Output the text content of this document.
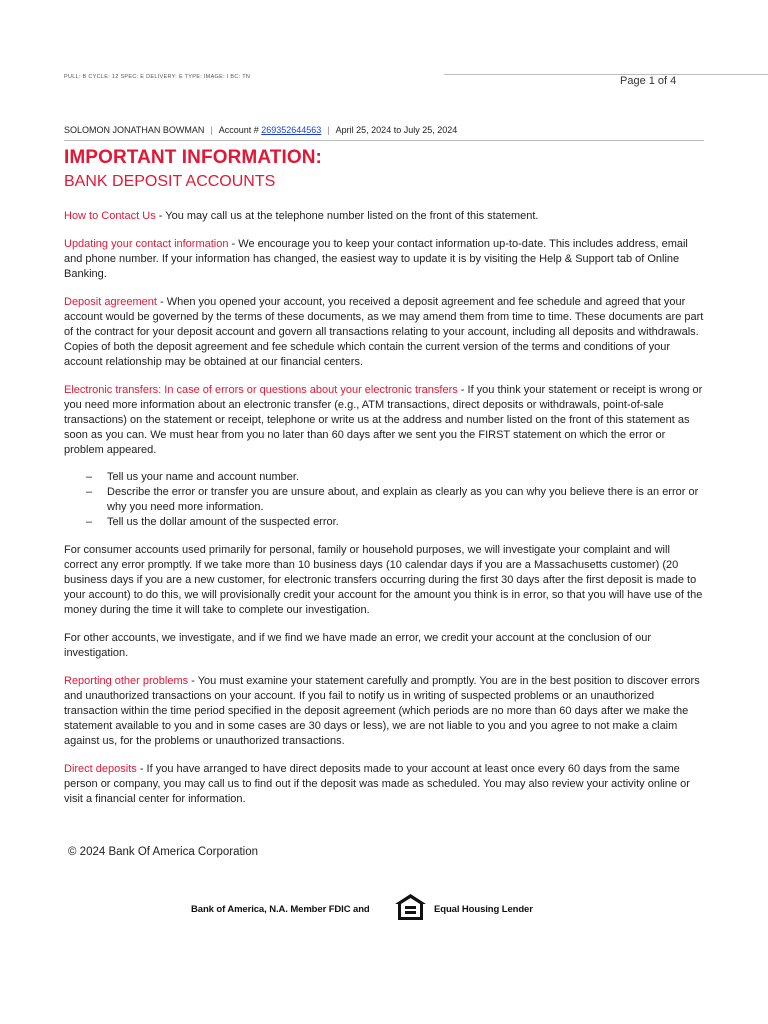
PULL: B CYCLE: 12 SPEC: E DELIVERY: E TYPE: IMAGE: I BC: TN	Page 1 of 4
SOLOMON JONATHAN BOWMAN | Account # 269352644563 | April 25, 2024 to July 25, 2024
IMPORTANT INFORMATION:
BANK DEPOSIT ACCOUNTS

How to Contact Us - You may call us at the telephone number listed on the front of this statement.

Updating your contact information - We encourage you to keep your contact information up-to-date. This includes address, email and phone number. If your information has changed, the easiest way to update it is by visiting the Help & Support tab of Online Banking.

Deposit agreement - When you opened your account, you received a deposit agreement and fee schedule and agreed that your account would be governed by the terms of these documents, as we may amend them from time to time. These documents are part of the contract for your deposit account and govern all transactions relating to your account, including all deposits and withdrawals. Copies of both the deposit agreement and fee schedule which contain the current version of the terms and conditions of your account relationship may be obtained at our financial centers.

Electronic transfers: In case of errors or questions about your electronic transfers - If you think your statement or receipt is wrong or you need more information about an electronic transfer (e.g., ATM transactions, direct deposits or withdrawals, point-of-sale transactions) on the statement or receipt, telephone or write us at the address and number listed on the front of this statement as soon as you can. We must hear from you no later than 60 days after we sent you the FIRST statement on which the error or problem appeared.

– Tell us your name and account number.
– Describe the error or transfer you are unsure about, and explain as clearly as you can why you believe there is an error or why you need more information.
– Tell us the dollar amount of the suspected error.

For consumer accounts used primarily for personal, family or household purposes, we will investigate your complaint and will correct any error promptly. If we take more than 10 business days (10 calendar days if you are a Massachusetts customer) (20 business days if you are a new customer, for electronic transfers occurring during the first 30 days after the first deposit is made to your account) to do this, we will provisionally credit your account for the amount you think is in error, so that you will have use of the money during the time it will take to complete our investigation.

For other accounts, we investigate, and if we find we have made an error, we credit your account at the conclusion of our investigation.

Reporting other problems - You must examine your statement carefully and promptly. You are in the best position to discover errors and unauthorized transactions on your account. If you fail to notify us in writing of suspected problems or an unauthorized transaction within the time period specified in the deposit agreement (which periods are no more than 60 days after we make the statement available to you and in some cases are 30 days or less), we are not liable to you and you agree to not make a claim against us, for the problems or unauthorized transactions.

Direct deposits - If you have arranged to have direct deposits made to your account at least once every 60 days from the same person or company, you may call us to find out if the deposit was made as scheduled. You may also review your activity online or visit a financial center for information.

© 2024 Bank Of America Corporation
Bank of America, N.A. Member FDIC and	Equal Housing Lender
